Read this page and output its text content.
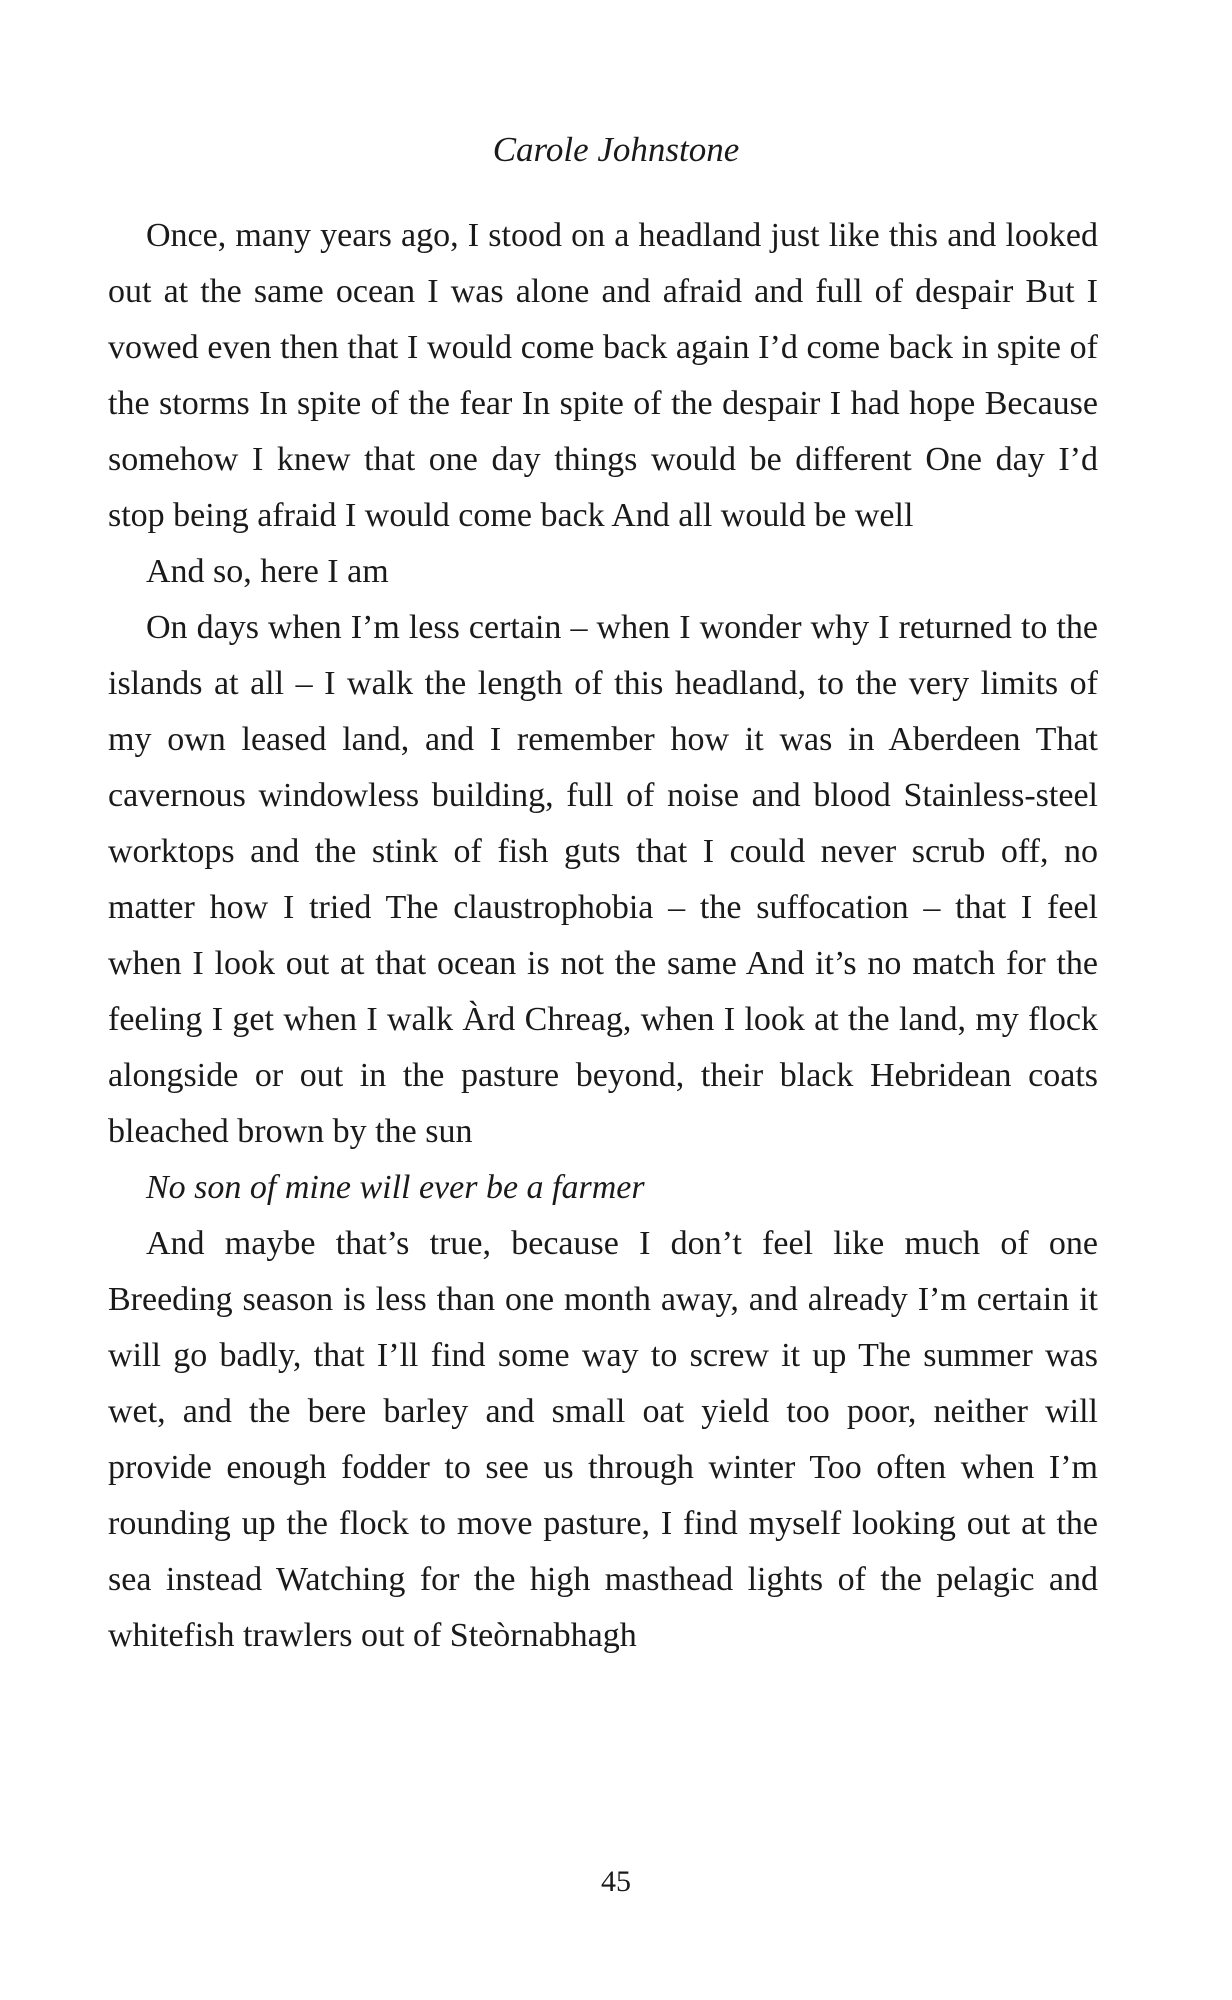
Carole Johnstone

Once, many years ago, I stood on a headland just like this and looked out at the same ocean I was alone and afraid and full of despair But I vowed even then that I would come back again I’d come back in spite of the storms In spite of the fear In spite of the despair I had hope Because somehow I knew that one day things would be different One day I’d stop being afraid I would come back And all would be well

And so, here I am

On days when I’m less certain – when I wonder why I returned to the islands at all – I walk the length of this headland, to the very limits of my own leased land, and I remember how it was in Aberdeen That cavernous windowless building, full of noise and blood Stainless-steel worktops and the stink of fish guts that I could never scrub off, no matter how I tried The claustrophobia – the suffocation – that I feel when I look out at that ocean is not the same And it’s no match for the feeling I get when I walk Àrd Chreag, when I look at the land, my flock alongside or out in the pasture beyond, their black Hebridean coats bleached brown by the sun

No son of mine will ever be a farmer

And maybe that’s true, because I don’t feel like much of one Breeding season is less than one month away, and already I’m certain it will go badly, that I’ll find some way to screw it up The summer was wet, and the bere barley and small oat yield too poor, neither will provide enough fodder to see us through winter Too often when I’m rounding up the flock to move pasture, I find myself looking out at the sea instead Watching for the high masthead lights of the pelagic and whitefish trawlers out of Steòrnabhagh

45
